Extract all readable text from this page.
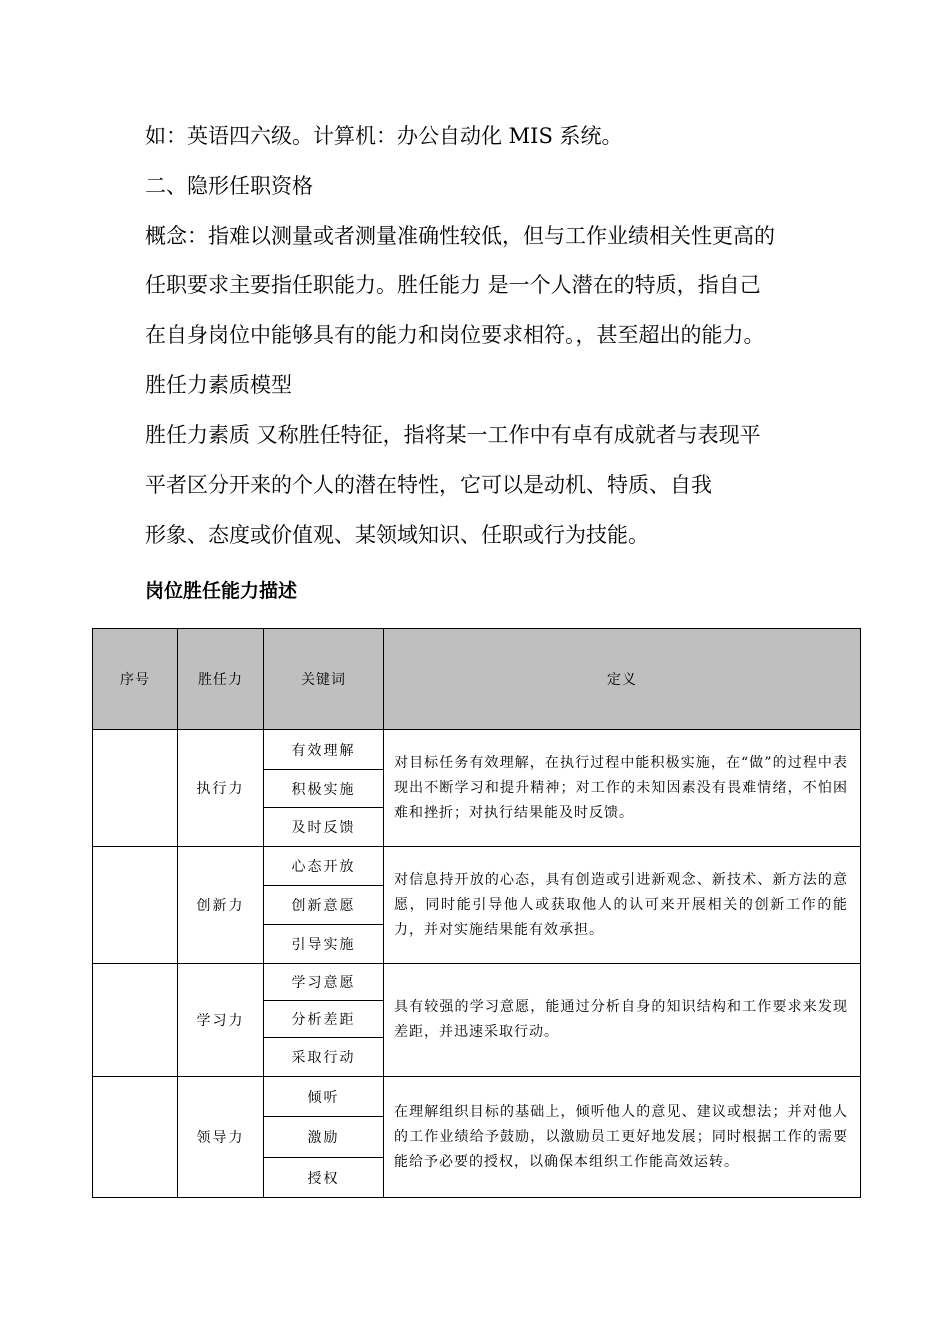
如：英语四六级。计算机：办公自动化 MIS 系统。

二、隐形任职资格

概念：指难以测量或者测量准确性较低，但与工作业绩相关性更高的

任职要求主要指任职能力。胜任能力 是一个人潜在的特质，指自己

在自身岗位中能够具有的能力和岗位要求相符。，甚至超出的能力。

胜任力素质模型

胜任力素质 又称胜任特征，指将某一工作中有卓有成就者与表现平

平者区分开来的个人的潜在特性，它可以是动机、特质、自我

形象、态度或价值观、某领域知识、任职或行为技能。

岗位胜任能力描述

序号	胜任力	关键词	定义
	执行力	有效理解	对目标任务有效理解，在执行过程中能积极实施，在“做”的过程中表现出不断学习和提升精神；对工作的未知因素没有畏难情绪，不怕困难和挫折；对执行结果能及时反馈。
		积极实施	
		及时反馈	
	创新力	心态开放	对信息持开放的心态，具有创造或引进新观念、新技术、新方法的意愿，同时能引导他人或获取他人的认可来开展相关的创新工作的能力，并对实施结果能有效承担。
		创新意愿	
		引导实施	
	学习力	学习意愿	具有较强的学习意愿，能通过分析自身的知识结构和工作要求来发现差距，并迅速采取行动。
		分析差距	
		采取行动	
	领导力	倾听	在理解组织目标的基础上，倾听他人的意见、建议或想法；并对他人的工作业绩给予鼓励，以激励员工更好地发展；同时根据工作的需要能给予必要的授权，以确保本组织工作能高效运转。
		激励	
		授权	
